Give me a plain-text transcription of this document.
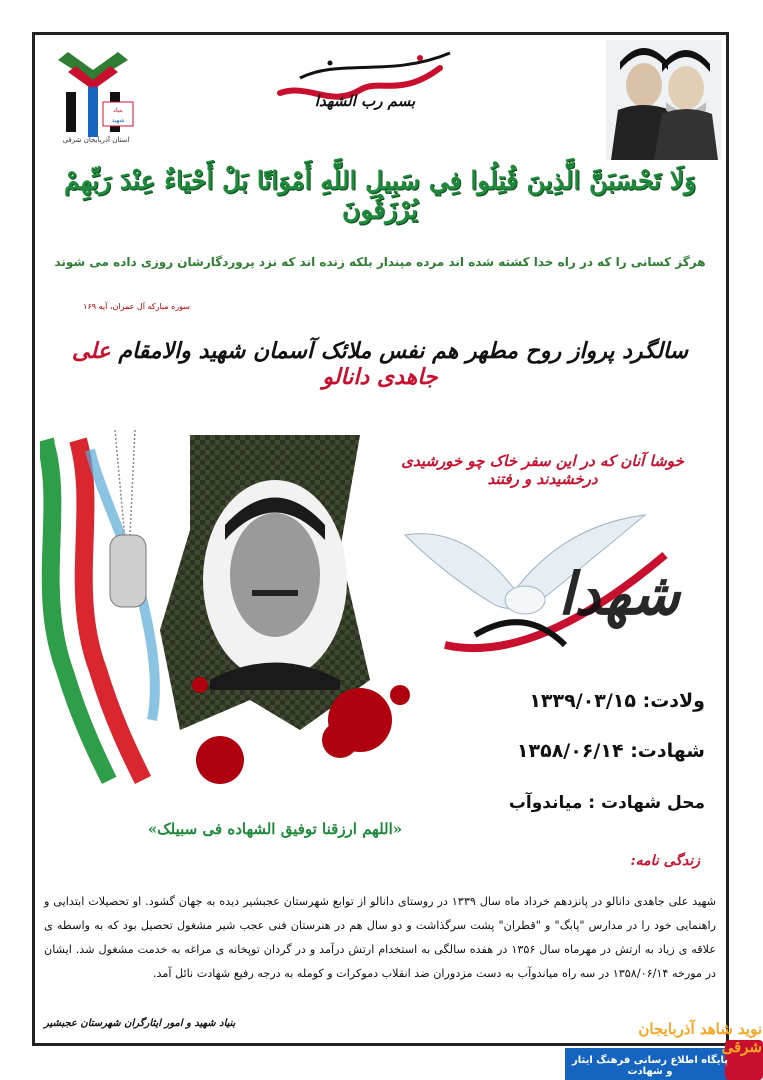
بنیاد
شهید
استان آذربایجان شرقی
بسم رب الشهدا
وَلَا تَحْسَبَنَّ الَّذِينَ قُتِلُوا فِي سَبِيلِ اللَّهِ أَمْوَاتًا بَلْ أَحْيَاءٌ عِنْدَ رَبِّهِمْ يُرْزَقُونَ
هرگز کسانی را که در راه خدا کشته شده اند مرده مپندار بلکه زنده اند که نزد پروردگارشان روزی داده می شوند
سوره مبارکه آل عمران، آیه ۱۶۹
سالگرد پرواز روح مطهر هم نفس ملائک آسمان شهید والامقام علی جاهدی دانالو
خوشا آنان که در این سفر خاک چو خورشیدی درخشیدند و رفتند
شهدا
ولادت: ۱۳۳۹/۰۳/۱۵
شهادت: ۱۳۵۸/۰۶/۱۴
محل شهادت : میاندوآب
«اللهم ارزقنا توفیق الشهاده فی سبیلک»
زندگی نامه:
شهید علی جاهدی دانالو در پانزدهم خرداد ماه سال ۱۳۳۹ در روستای دانالو از توابع شهرستان عجبشیر دیده به جهان گشود. او تحصیلات ابتدایی و راهنمایی خود را در مدارس "پابگ" و "قطران" پشت سرگذاشت و دو سال هم در هنرستان فنی عجب شیر مشغول تحصیل بود که به واسطه ی علاقه ی زیاد به ارتش در مهرماه سال ۱۳۵۶ در هفده سالگی به استخدام ارتش درآمد و در گردان توپخانه ی مراغه به خدمت مشغول شد. ایشان در مورخه ۱۳۵۸/۰۶/۱۴ در سه راه میاندوآب به دست مزدوران ضد انقلاب دموکرات و کومله به درجه رفیع شهادت نائل آمد.
بنیاد شهید و امور ایثارگران شهرستان عجبشیر	نوید شاهد آذربایجان شرقی
پایگاه اطلاع رسانی فرهنگ ایثار و شهادت
